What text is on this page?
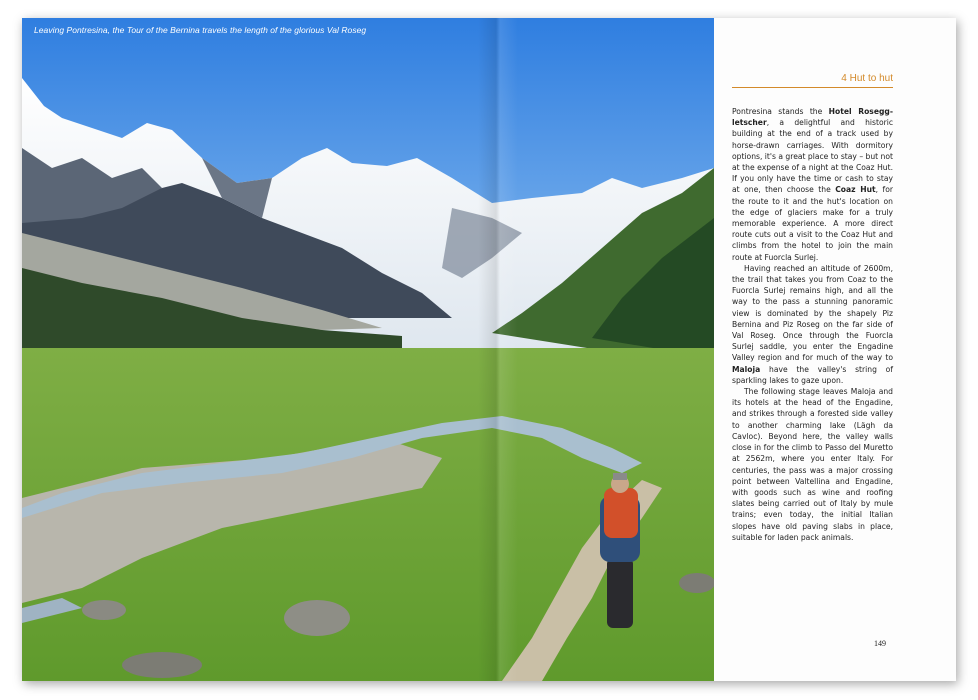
Leaving Pontresina, the Tour of the Bernina travels the length of the glorious Val Roseg
4 Hut to hut

Pontresina stands the Hotel Rosegg-letscher, a delightful and historic building at the end of a track used by horse-drawn carriages. With dormitory options, it's a great place to stay – but not at the expense of a night at the Coaz Hut. If you only have the time or cash to stay at one, then choose the Coaz Hut, for the route to it and the hut's location on the edge of glaciers make for a truly memorable experience. A more direct route cuts out a visit to the Coaz Hut and climbs from the hotel to join the main route at Fuorcla Surlej.

Having reached an altitude of 2600m, the trail that takes you from Coaz to the Fuorcla Surlej remains high, and all the way to the pass a stunning panoramic view is dominated by the shapely Piz Bernina and Piz Roseg on the far side of Val Roseg. Once through the Fuorcla Surlej saddle, you enter the Engadine Valley region and for much of the way to Maloja have the valley's string of sparkling lakes to gaze upon.

The following stage leaves Maloja and its hotels at the head of the Engadine, and strikes through a forested side valley to another charming lake (Lägh da Cavloc). Beyond here, the valley walls close in for the climb to Passo del Muretto at 2562m, where you enter Italy. For centuries, the pass was a major crossing point between Valtellina and Engadine, with goods such as wine and roofing slates being carried out of Italy by mule trains; even today, the initial Italian slopes have old paving slabs in place, suitable for laden pack animals.

149
